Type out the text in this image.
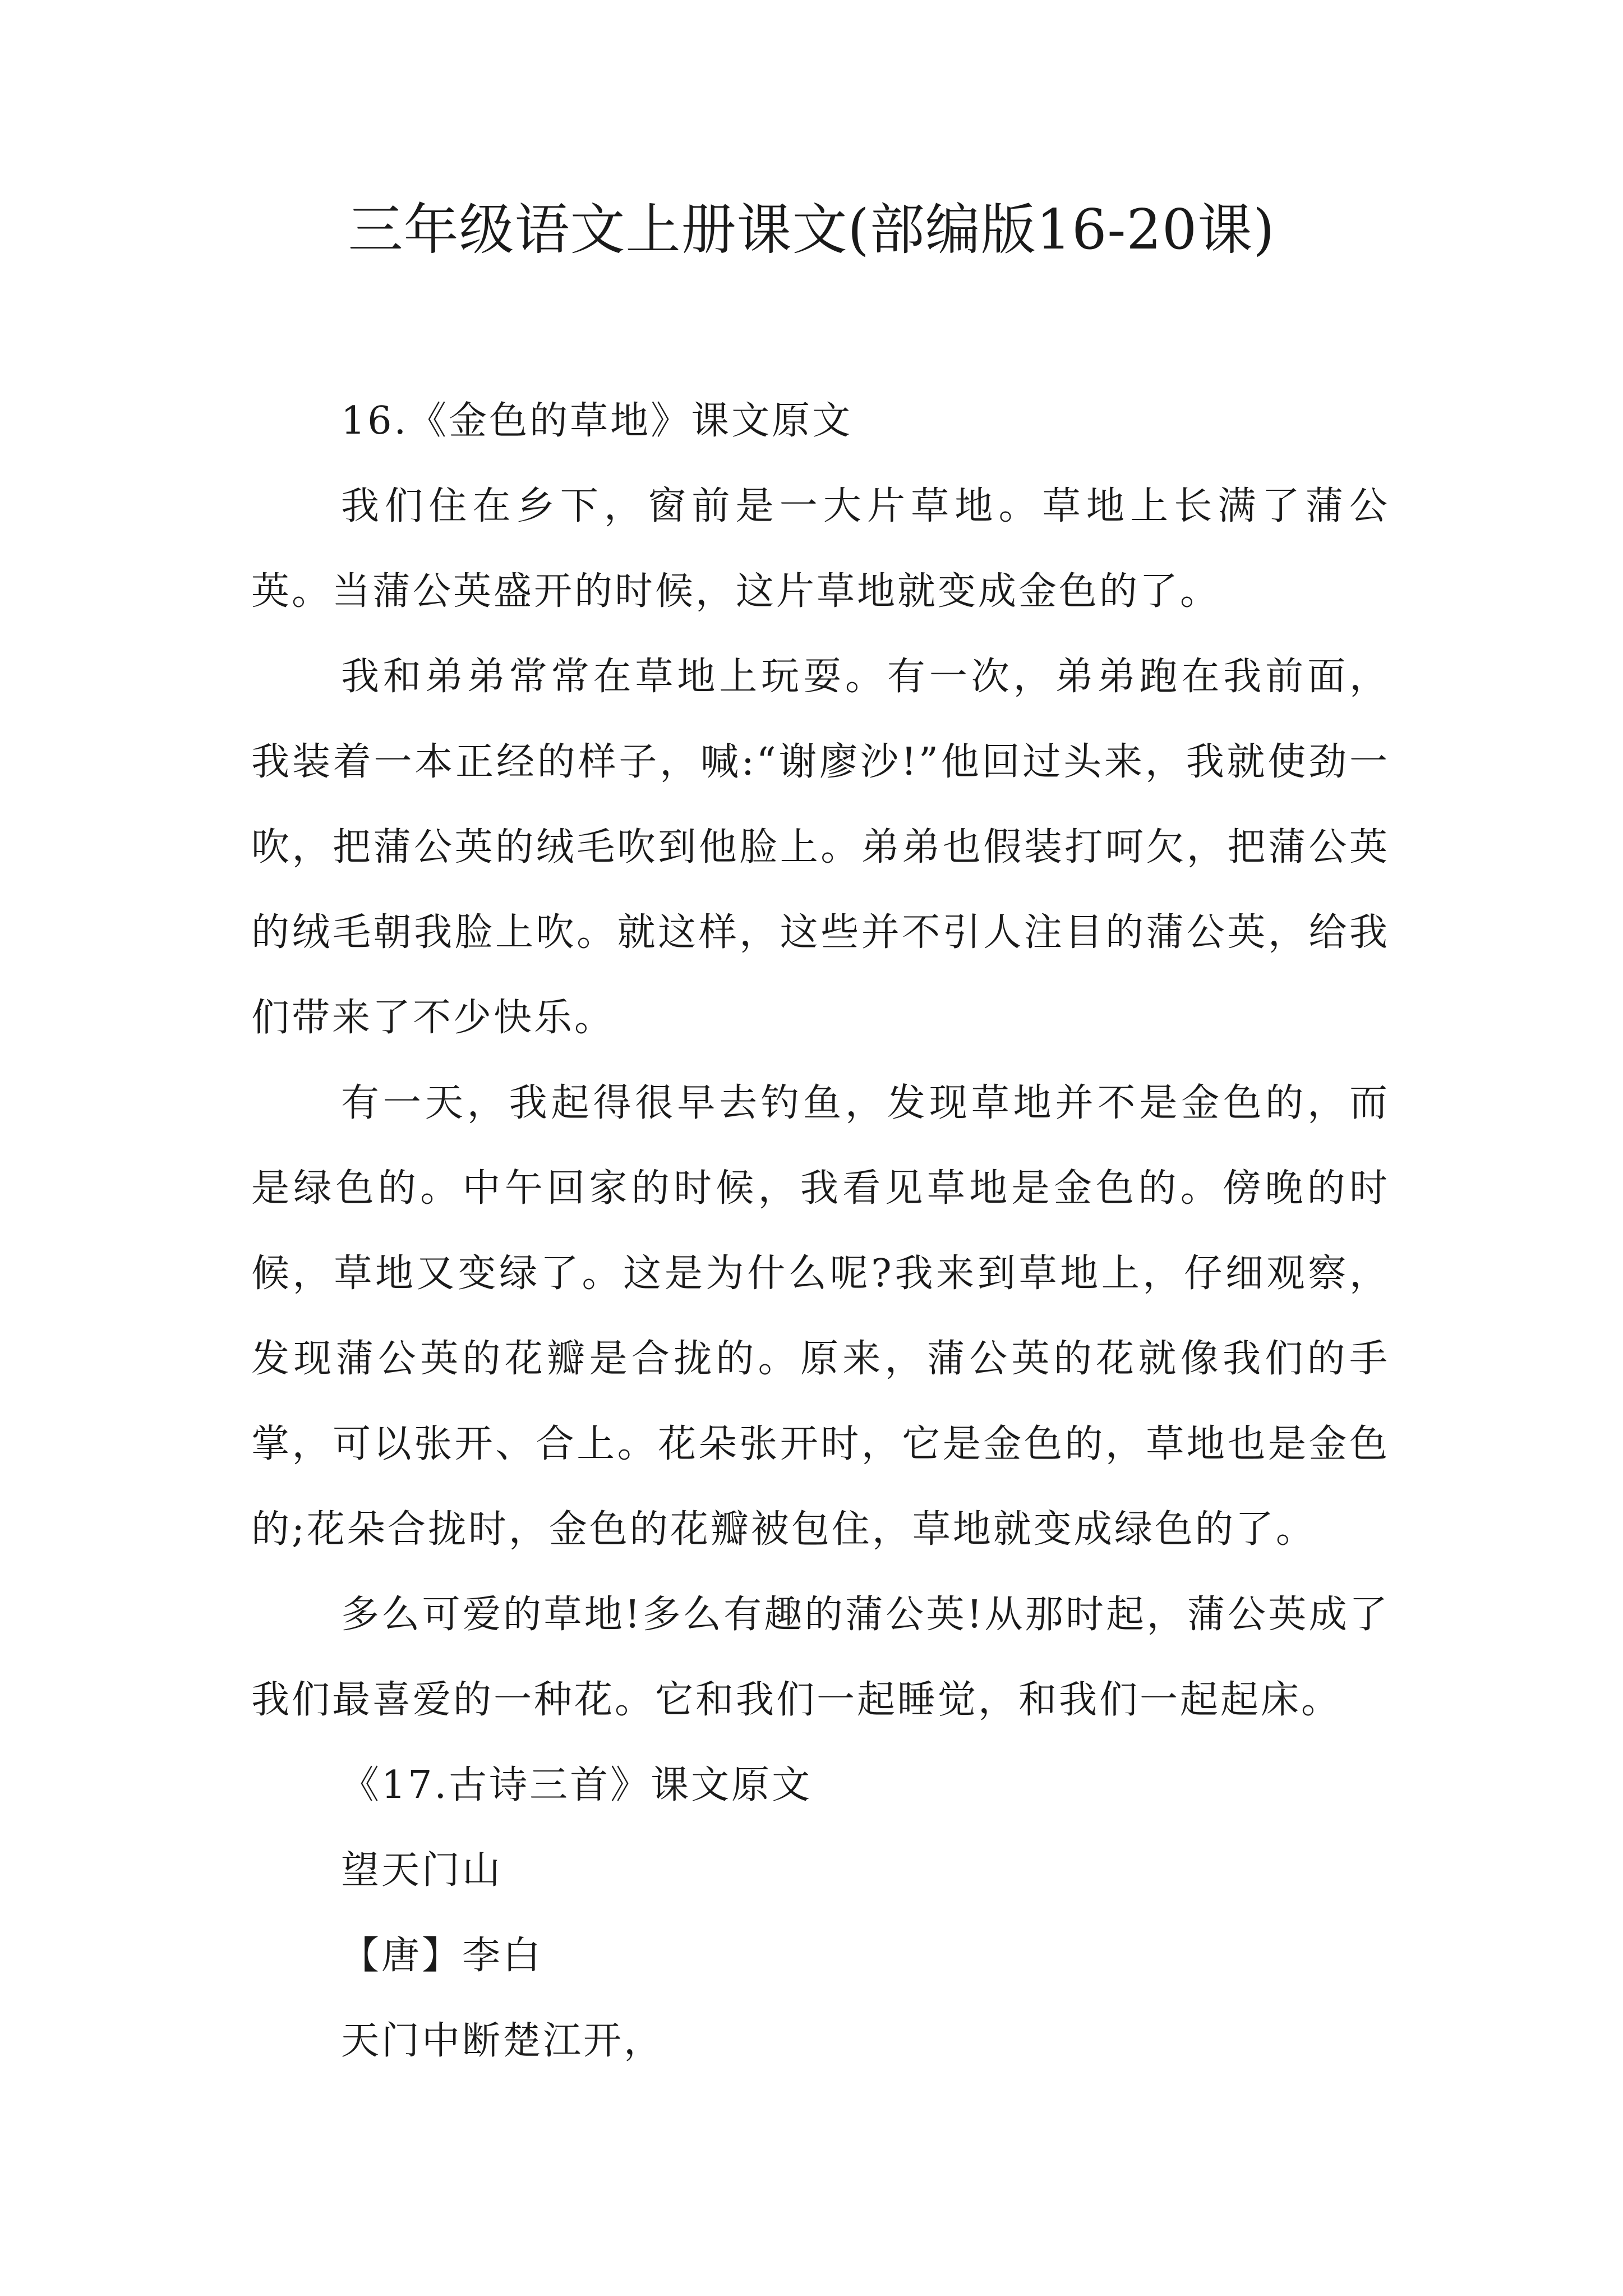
三年级语文上册课文(部编版16-20课)

16.《金色的草地》课文原文

我们住在乡下，窗前是一大片草地。草地上长满了蒲公英。当蒲公英盛开的时候，这片草地就变成金色的了。

我和弟弟常常在草地上玩耍。有一次，弟弟跑在我前面，我装着一本正经的样子，喊:“谢廖沙!”他回过头来，我就使劲一吹，把蒲公英的绒毛吹到他脸上。弟弟也假装打呵欠，把蒲公英的绒毛朝我脸上吹。就这样，这些并不引人注目的蒲公英，给我们带来了不少快乐。

有一天，我起得很早去钓鱼，发现草地并不是金色的，而是绿色的。中午回家的时候，我看见草地是金色的。傍晚的时候，草地又变绿了。这是为什么呢?我来到草地上，仔细观察，发现蒲公英的花瓣是合拢的。原来，蒲公英的花就像我们的手掌，可以张开、合上。花朵张开时，它是金色的，草地也是金色的;花朵合拢时，金色的花瓣被包住，草地就变成绿色的了。

多么可爱的草地!多么有趣的蒲公英!从那时起，蒲公英成了我们最喜爱的一种花。它和我们一起睡觉，和我们一起起床。

《17.古诗三首》课文原文

望天门山

【唐】李白

天门中断楚江开，
